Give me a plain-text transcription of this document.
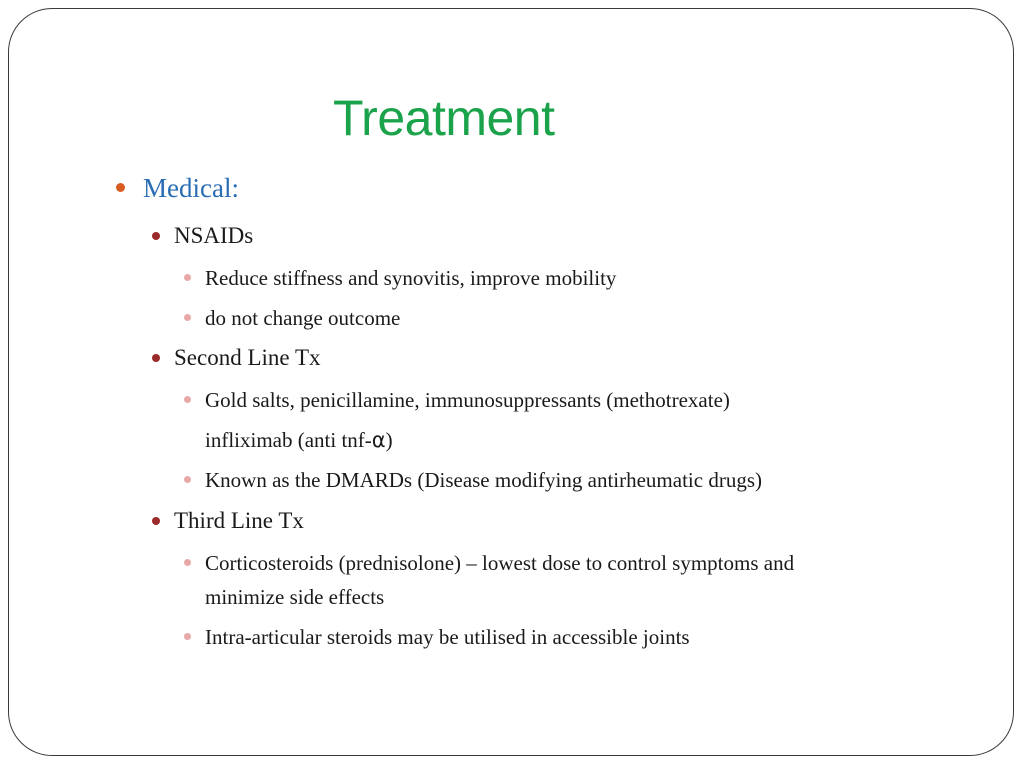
Treatment
Medical:
NSAIDs
Reduce stiffness and synovitis, improve mobility
do not change outcome
Second Line Tx
Gold salts, penicillamine, immunosuppressants (methotrexate)
infliximab (anti tnf-α)
Known as the DMARDs (Disease modifying antirheumatic drugs)
Third Line Tx
Corticosteroids (prednisolone) – lowest dose to control symptoms and
minimize side effects
Intra-articular steroids may be utilised in accessible joints
